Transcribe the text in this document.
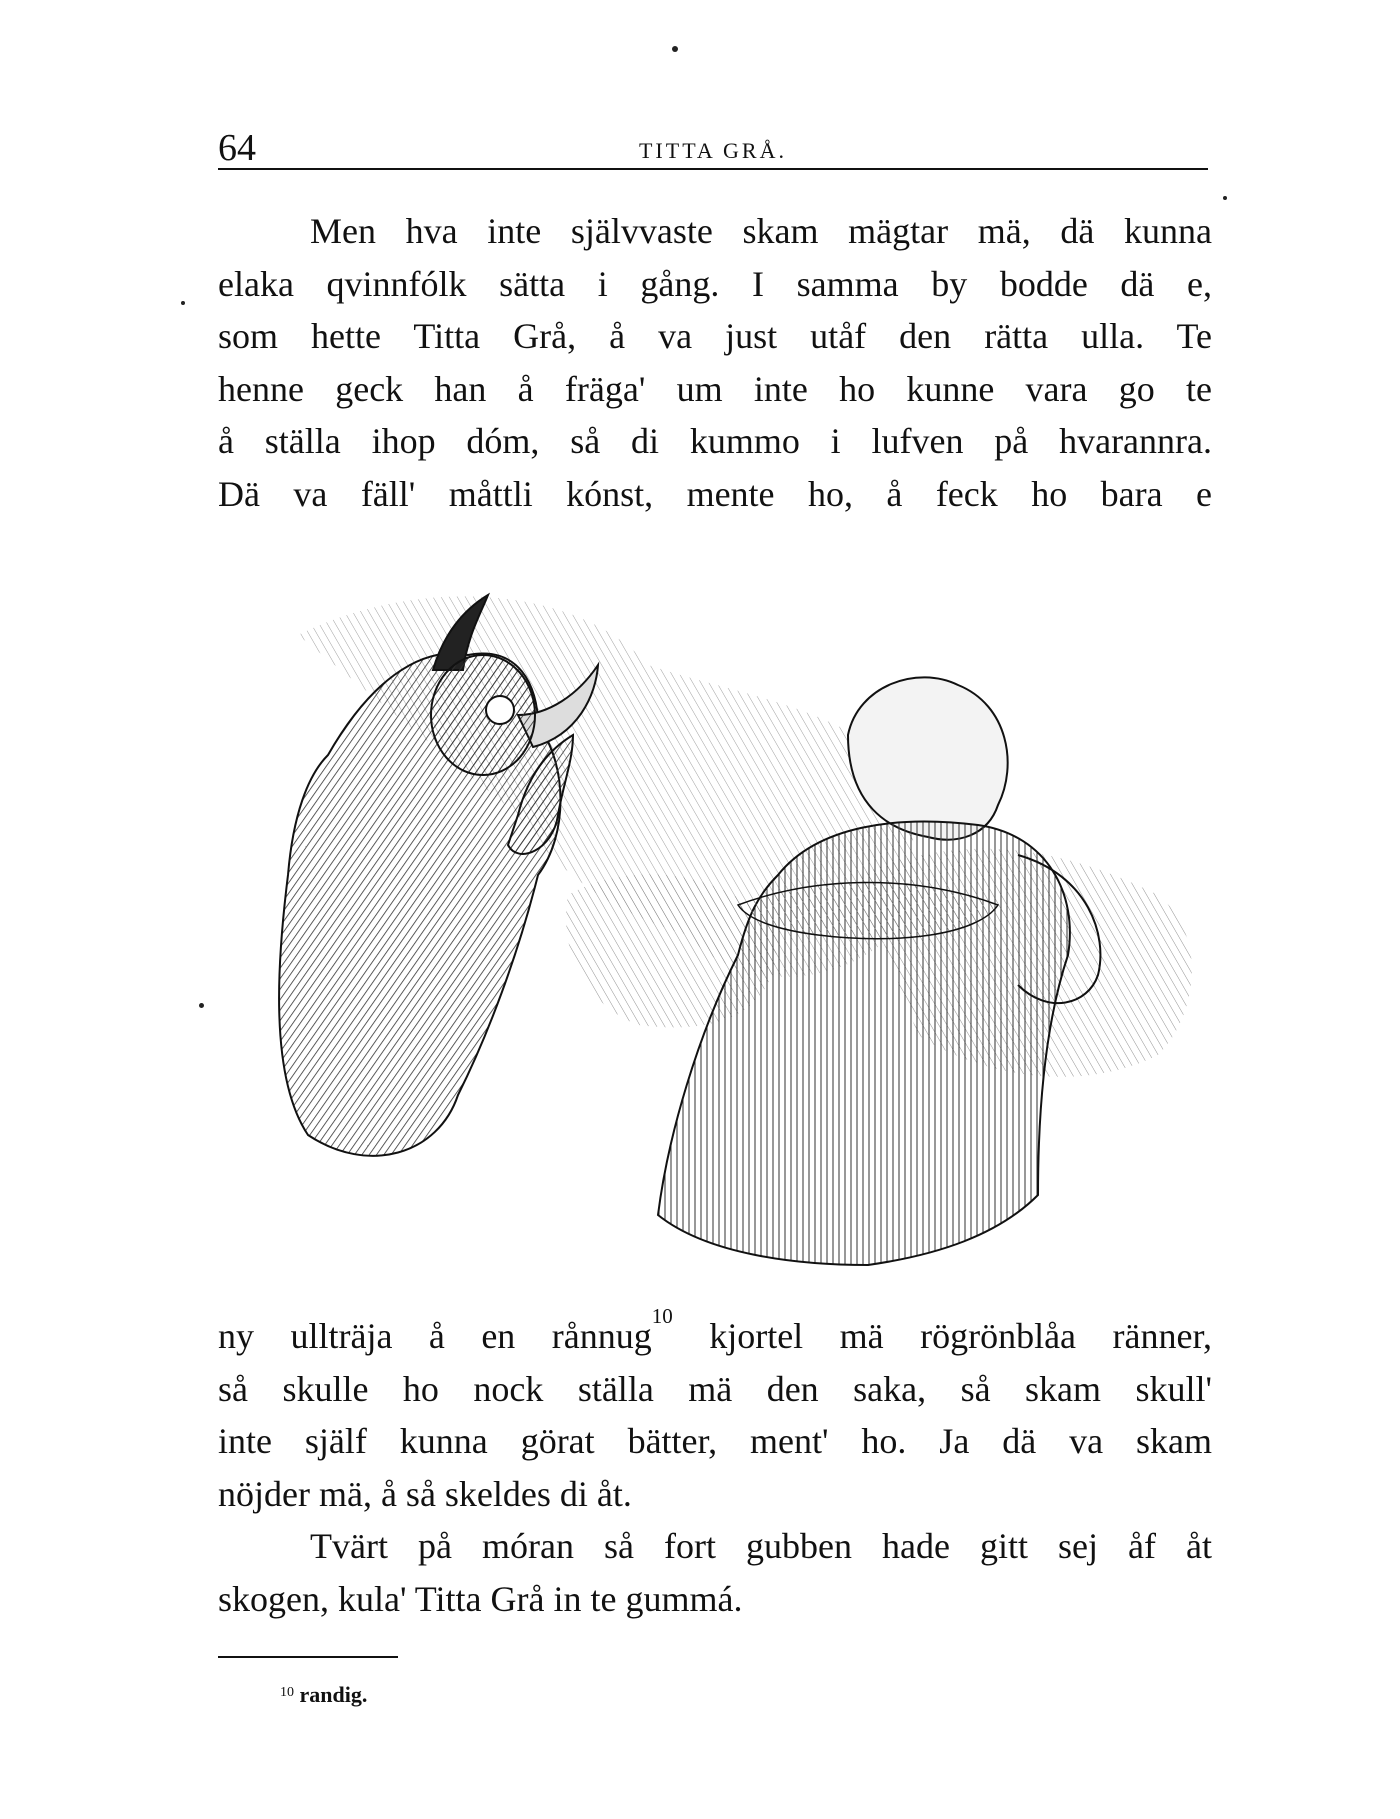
64	TITTA GRÅ.
Men hva inte självvaste skam mägtar mä, dä kunna
elaka qvinnfólk sätta i gång. I samma by bodde dä e,
som hette Titta Grå, å va just utåf den rätta ulla. Te
henne geck han å fräga' um inte ho kunne vara go te
å ställa ihop dóm, så di kummo i lufven på hvarannra.
Dä va fäll' måttli kónst, mente ho, å feck ho bara e
ny ullträja å en rånnug$^{10}$ kjortel mä rögrönblåa ränner,
så skulle ho nock ställa mä den saka, så skam skull'
inte själf kunna görat bätter, ment' ho. Ja dä va skam
nöjder mä, å så skeldes di åt.
Tvärt på móran så fort gubben hade gitt sej åf åt
skogen, kula' Titta Grå in te gummá.
$^{10}$ randig.
